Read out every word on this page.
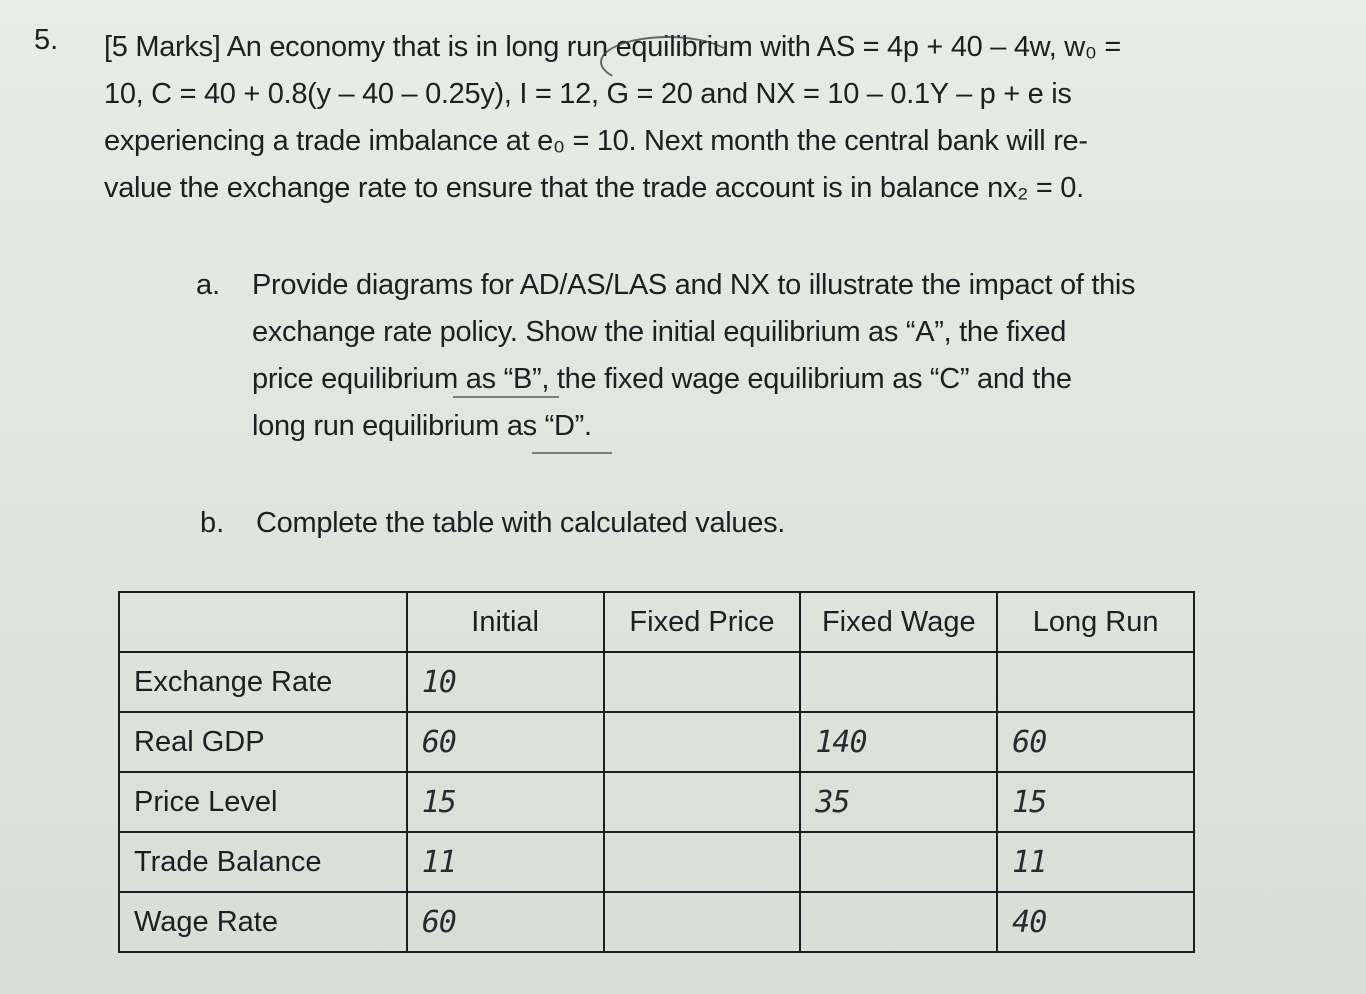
5. [5 Marks] An economy that is in long run equilibrium with AS = 4p + 40 – 4w, w₀ =
10, C = 40 + 0.8(y – 40 – 0.25y), I = 12, G = 20 and NX = 10 – 0.1Y – p + e is
experiencing a trade imbalance at e₀ = 10. Next month the central bank will re-
value the exchange rate to ensure that the trade account is in balance nx₂ = 0.
a. Provide diagrams for AD/AS/LAS and NX to illustrate the impact of this
exchange rate policy. Show the initial equilibrium as “A”, the fixed
price equilibrium as “B”, the fixed wage equilibrium as “C” and the
long run equilibrium as “D”.
b. Complete the table with calculated values.
	Initial	Fixed Price	Fixed Wage	Long Run
Exchange Rate	10			
Real GDP	60		140	60
Price Level	15		35	15
Trade Balance	11			11
Wage Rate	60			40
